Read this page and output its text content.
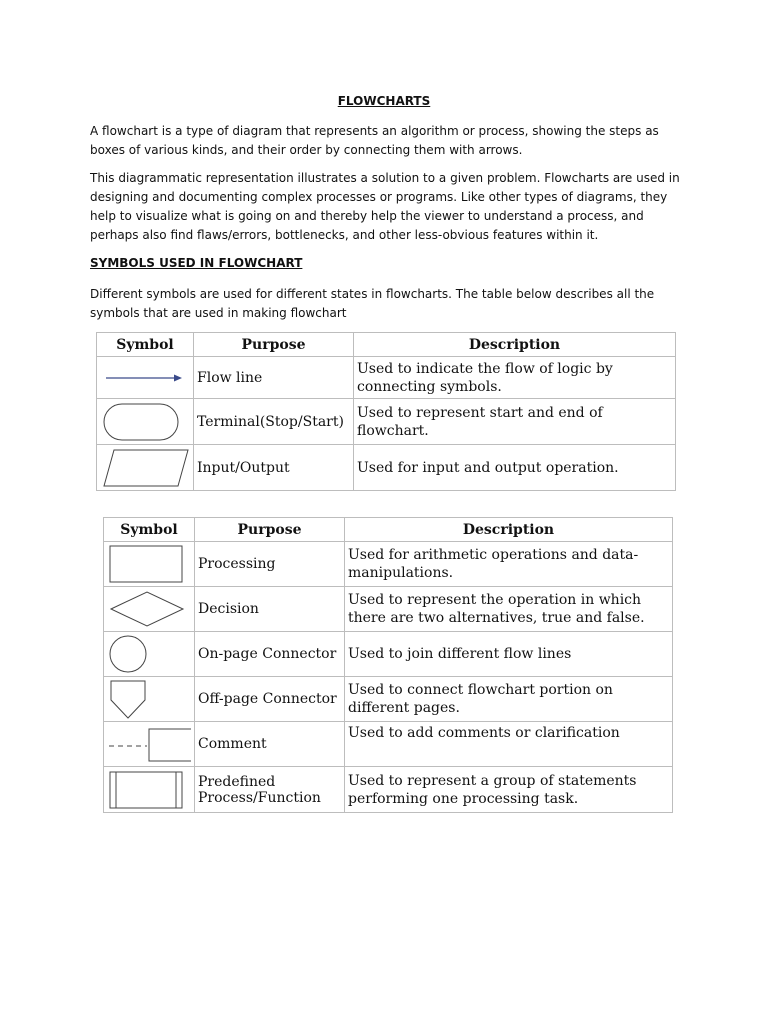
FLOWCHARTS

A flowchart is a type of diagram that represents an algorithm or process, showing the steps as boxes of various kinds, and their order by connecting them with arrows.

This diagrammatic representation illustrates a solution to a given problem. Flowcharts are used in designing and documenting complex processes or programs. Like other types of diagrams, they help to visualize what is going on and thereby help the viewer to understand a process, and perhaps also find flaws/errors, bottlenecks, and other less-obvious features within it.

SYMBOLS USED IN FLOWCHART

Different symbols are used for different states in flowcharts. The table below describes all the symbols that are used in making flowchart

Symbol	Purpose	Description

	Flow line	Used to indicate the flow of logic by connecting symbols.

	Terminal(Stop/Start)	Used to represent start and end of flowchart.

	Input/Output	Used for input and output operation.
Symbol	Purpose	Description

	Processing	Used for arithmetic operations and data-manipulations.

	Decision	Used to represent the operation in which there are two alternatives, true and false.

	On-page Connector	Used to join different flow lines

	Off-page Connector	Used to connect flowchart portion on different pages.

	Comment	Used to add comments or clarification

	Predefined Process/Function	Used to represent a group of statements performing one processing task.
